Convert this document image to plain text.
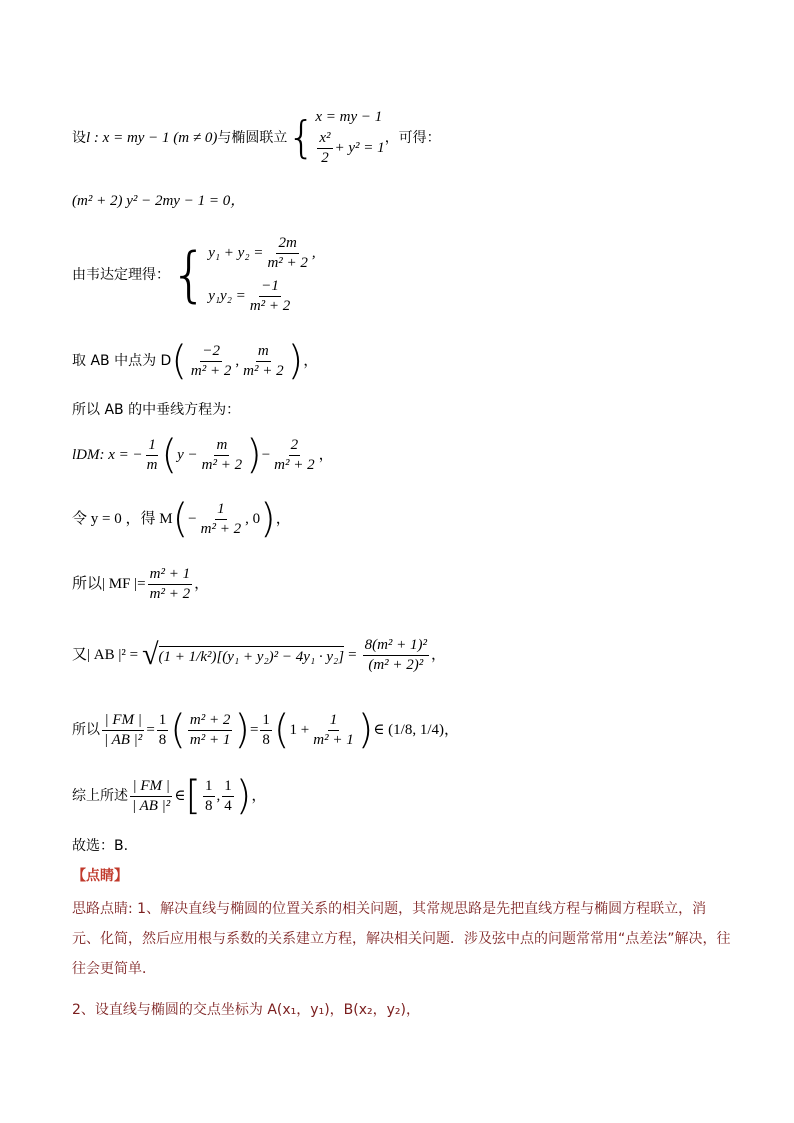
设 l : x = my − 1 (m ≠ 0) 与椭圆联立 { x = my − 1
$\frac{\text{x²}}{2} + y^2 = 1$
，可得：
(m² + 2) y² − 2my − 1 = 0，
由韦达定理得： { $y_1 + y_2 = \frac{2m}{\text{m² + 2}}$ ,
$y_1y_2 = \frac{-1}{\text{m² + 2}}$
取 AB 中点为 D ( $\frac{-2}{\text{m² + 2}}$ , $\frac{m}{\text{m² + 2}}$ ) ，
所以 AB 的中垂线方程为：
l DM : x = − $\frac{1}{m}$ ( $y - \frac{m}{\text{m² + 2}}$ ) − $\frac{2}{\text{m² + 2}}$ ，
令 y = 0 ，得 M ( − $\frac{1}{\text{m² + 2}}$ , 0 ) ，
所以| MF |= $\frac{\text{m² + 1}}{\text{m² + 2}}$ ，
又| AB |² = √ $(1 + 1/k^2)[(y_1 + y_2)^2 - 4y_1 \cdot y_2] = \frac{\text{8(m² + 1)²}}{\text{(m² + 2)²}}$ ，
所以 $\frac{| FM |}{\text{| AB |²}} = \frac{1}{8}$ ( $\frac{\text{m² + 2}}{\text{m² + 1}}$ ) = $\frac{1}{8}$ ( $1 + \frac{1}{\text{m² + 1}}$ ) ∈ (1/8, 1/4)，
综上所述 $\frac{| FM |}{\text{| AB |²}}$ ∈ [ $\frac{1}{8}$ , $\frac{1}{4}$ ) ，
故选：B.
【点睛】
思路点睛: 1、解决直线与椭圆的位置关系的相关问题，其常规思路是先把直线方程与椭圆方程联立，消元、化简，然后应用根与系数的关系建立方程，解决相关问题．涉及弦中点的问题常常用“点差法”解决，往往会更简单．
2、设直线与椭圆的交点坐标为 A(x₁，y₁)，B(x₂，y₂)，
